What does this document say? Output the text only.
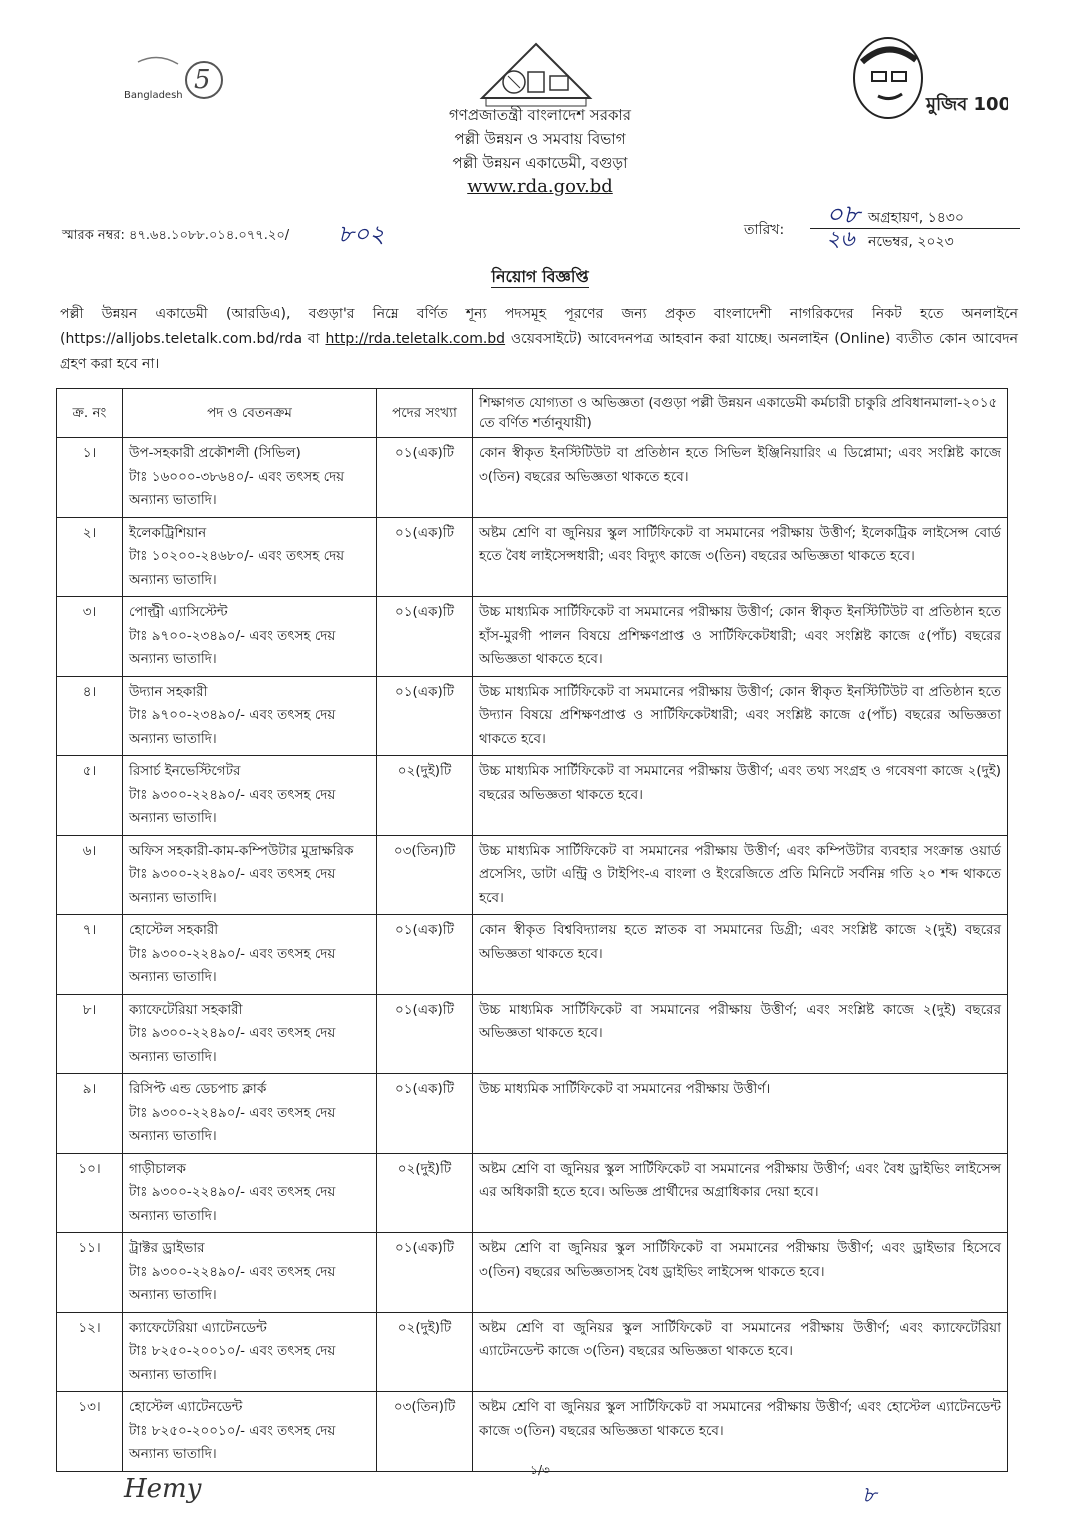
5
Bangladesh	মুজিব 100
গণপ্রজাতন্ত্রী বাংলাদেশ সরকার
পল্লী উন্নয়ন ও সমবায় বিভাগ
পল্লী উন্নয়ন একাডেমী, বগুড়া
www.rda.gov.bd
স্মারক নম্বর: ৪৭.৬৪.১০৮৮.০১৪.০৭৭.২০/ ৮০২	তারিখ: ০৮
২৬
অগ্রহায়ণ, ১৪৩০
নভেম্বর, ২০২৩
নিয়োগ বিজ্ঞপ্তি
পল্লী উন্নয়ন একাডেমী (আরডিএ), বগুড়া'র নিম্নে বর্ণিত শূন্য পদসমূহ পূরণের জন্য প্রকৃত বাংলাদেশী নাগরিকদের নিকট হতে অনলাইনে (https://alljobs.teletalk.com.bd/rda বা http://rda.teletalk.com.bd ওয়েবসাইটে) আবেদনপত্র আহবান করা যাচ্ছে। অনলাইন (Online) ব্যতীত কোন আবেদন গ্রহণ করা হবে না।
ক্র. নং	পদ ও বেতনক্রম	পদের সংখ্যা	শিক্ষাগত যোগ্যতা ও অভিজ্ঞতা (বগুড়া পল্লী উন্নয়ন একাডেমী কর্মচারী চাকুরি প্রবিধানমালা-২০১৫ তে বর্ণিত শর্তানুযায়ী)
১।	উপ-সহকারী প্রকৌশলী (সিভিল)
টাঃ ১৬০০০-৩৮৬৪০/- এবং তৎসহ দেয় অন্যান্য ভাতাদি।	০১(এক)টি	কোন স্বীকৃত ইনস্টিটিউট বা প্রতিষ্ঠান হতে সিভিল ইঞ্জিনিয়ারিং এ ডিপ্লোমা; এবং সংশ্লিষ্ট কাজে ৩(তিন) বছরের অভিজ্ঞতা থাকতে হবে।
২।	ইলেকট্রিশিয়ান
টাঃ ১০২০০-২৪৬৮০/- এবং তৎসহ দেয় অন্যান্য ভাতাদি।	০১(এক)টি	অষ্টম শ্রেণি বা জুনিয়র স্কুল সার্টিফিকেট বা সমমানের পরীক্ষায় উত্তীর্ণ; ইলেকট্রিক লাইসেন্স বোর্ড হতে বৈধ লাইসেন্সধারী; এবং বিদ্যুৎ কাজে ৩(তিন) বছরের অভিজ্ঞতা থাকতে হবে।
৩।	পোল্ট্রী এ্যাসিস্টেন্ট
টাঃ ৯৭০০-২৩৪৯০/- এবং তৎসহ দেয় অন্যান্য ভাতাদি।	০১(এক)টি	উচ্চ মাধ্যমিক সার্টিফিকেট বা সমমানের পরীক্ষায় উত্তীর্ণ; কোন স্বীকৃত ইনস্টিটিউট বা প্রতিষ্ঠান হতে হাঁস-মুরগী পালন বিষয়ে প্রশিক্ষণপ্রাপ্ত ও সার্টিফিকেটধারী; এবং সংশ্লিষ্ট কাজে ৫(পাঁচ) বছরের অভিজ্ঞতা থাকতে হবে।
৪।	উদ্যান সহকারী
টাঃ ৯৭০০-২৩৪৯০/- এবং তৎসহ দেয় অন্যান্য ভাতাদি।	০১(এক)টি	উচ্চ মাধ্যমিক সার্টিফিকেট বা সমমানের পরীক্ষায় উত্তীর্ণ; কোন স্বীকৃত ইনস্টিটিউট বা প্রতিষ্ঠান হতে উদ্যান বিষয়ে প্রশিক্ষণপ্রাপ্ত ও সার্টিফিকেটধারী; এবং সংশ্লিষ্ট কাজে ৫(পাঁচ) বছরের অভিজ্ঞতা থাকতে হবে।
৫।	রিসার্চ ইনভেস্টিগেটর
টাঃ ৯৩০০-২২৪৯০/- এবং তৎসহ দেয় অন্যান্য ভাতাদি।	০২(দুই)টি	উচ্চ মাধ্যমিক সার্টিফিকেট বা সমমানের পরীক্ষায় উত্তীর্ণ; এবং তথ্য সংগ্রহ ও গবেষণা কাজে ২(দুই) বছরের অভিজ্ঞতা থাকতে হবে।
৬।	অফিস সহকারী-কাম-কম্পিউটার মুদ্রাক্ষরিক
টাঃ ৯৩০০-২২৪৯০/- এবং তৎসহ দেয় অন্যান্য ভাতাদি।	০৩(তিন)টি	উচ্চ মাধ্যমিক সার্টিফিকেট বা সমমানের পরীক্ষায় উত্তীর্ণ; এবং কম্পিউটার ব্যবহার সংক্রান্ত ওয়ার্ড প্রসেসিং, ডাটা এন্ট্রি ও টাইপিং-এ বাংলা ও ইংরেজিতে প্রতি মিনিটে সর্বনিম্ন গতি ২০ শব্দ থাকতে হবে।
৭।	হোস্টেল সহকারী
টাঃ ৯৩০০-২২৪৯০/- এবং তৎসহ দেয় অন্যান্য ভাতাদি।	০১(এক)টি	কোন স্বীকৃত বিশ্ববিদ্যালয় হতে স্নাতক বা সমমানের ডিগ্রী; এবং সংশ্লিষ্ট কাজে ২(দুই) বছরের অভিজ্ঞতা থাকতে হবে।
৮।	ক্যাফেটেরিয়া সহকারী
টাঃ ৯৩০০-২২৪৯০/- এবং তৎসহ দেয় অন্যান্য ভাতাদি।	০১(এক)টি	উচ্চ মাধ্যমিক সার্টিফিকেট বা সমমানের পরীক্ষায় উত্তীর্ণ; এবং সংশ্লিষ্ট কাজে ২(দুই) বছরের অভিজ্ঞতা থাকতে হবে।
৯।	রিসিপ্ট এন্ড ডেচপাচ ক্লার্ক
টাঃ ৯৩০০-২২৪৯০/- এবং তৎসহ দেয় অন্যান্য ভাতাদি।	০১(এক)টি	উচ্চ মাধ্যমিক সার্টিফিকেট বা সমমানের পরীক্ষায় উত্তীর্ণ।
১০।	গাড়ীচালক
টাঃ ৯৩০০-২২৪৯০/- এবং তৎসহ দেয় অন্যান্য ভাতাদি।	০২(দুই)টি	অষ্টম শ্রেণি বা জুনিয়র স্কুল সার্টিফিকেট বা সমমানের পরীক্ষায় উত্তীর্ণ; এবং বৈধ ড্রাইভিং লাইসেন্স এর অধিকারী হতে হবে। অভিজ্ঞ প্রার্থীদের অগ্রাধিকার দেয়া হবে।
১১।	ট্রাক্টর ড্রাইভার
টাঃ ৯৩০০-২২৪৯০/- এবং তৎসহ দেয় অন্যান্য ভাতাদি।	০১(এক)টি	অষ্টম শ্রেণি বা জুনিয়র স্কুল সার্টিফিকেট বা সমমানের পরীক্ষায় উত্তীর্ণ; এবং ড্রাইভার হিসেবে ৩(তিন) বছরের অভিজ্ঞতাসহ বৈধ ড্রাইভিং লাইসেন্স থাকতে হবে।
১২।	ক্যাফেটেরিয়া এ্যাটেনডেন্ট
টাঃ ৮২৫০-২০০১০/- এবং তৎসহ দেয় অন্যান্য ভাতাদি।	০২(দুই)টি	অষ্টম শ্রেণি বা জুনিয়র স্কুল সার্টিফিকেট বা সমমানের পরীক্ষায় উত্তীর্ণ; এবং ক্যাফেটেরিয়া এ্যাটেনডেন্ট কাজে ৩(তিন) বছরের অভিজ্ঞতা থাকতে হবে।
১৩।	হোস্টেল এ্যাটেনডেন্ট
টাঃ ৮২৫০-২০০১০/- এবং তৎসহ দেয় অন্যান্য ভাতাদি।	০৩(তিন)টি	অষ্টম শ্রেণি বা জুনিয়র স্কুল সার্টিফিকেট বা সমমানের পরীক্ষায় উত্তীর্ণ; এবং হোস্টেল এ্যাটেনডেন্ট কাজে ৩(তিন) বছরের অভিজ্ঞতা থাকতে হবে।
১/৩
Hemy	৮
